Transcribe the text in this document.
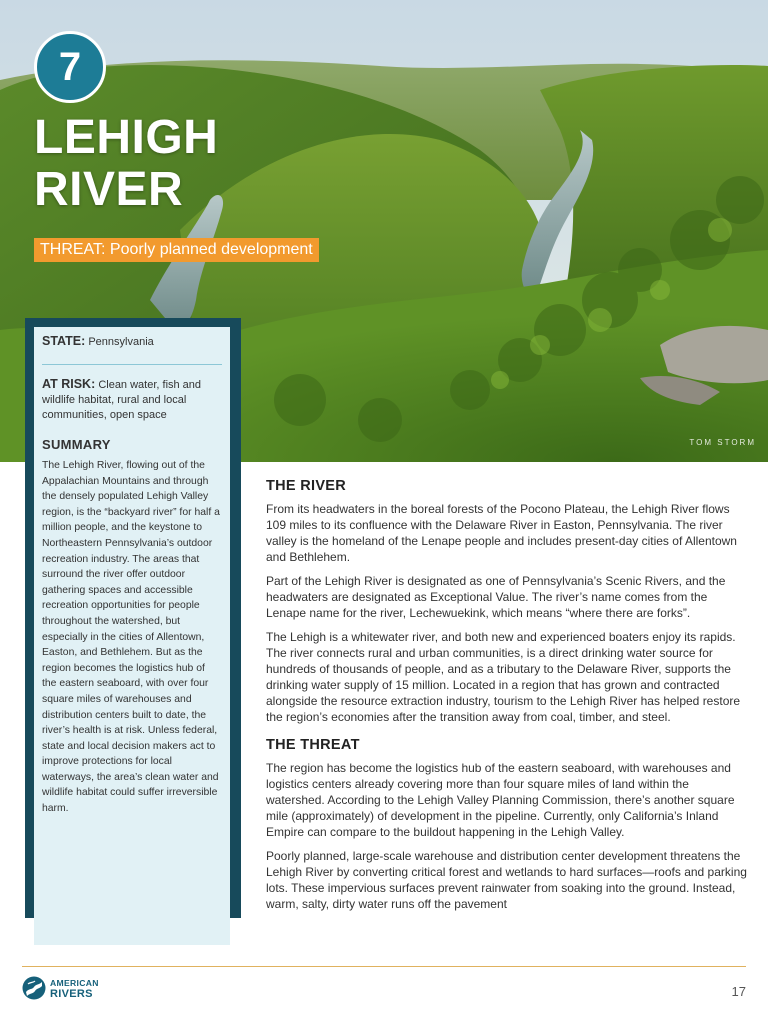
7
LEHIGH
RIVER
THREAT: Poorly planned development
TOM STORM
STATE: Pennsylvania
AT RISK: Clean water, fish and wildlife habitat, rural and local communities, open space
SUMMARY
The Lehigh River, flowing out of the Appalachian Mountains and through the densely populated Lehigh Valley region, is the “backyard river” for half a million people, and the keystone to Northeastern Pennsylvania’s outdoor recreation industry. The areas that surround the river offer outdoor gathering spaces and accessible recreation opportunities for people throughout the watershed, but especially in the cities of Allentown, Easton, and Bethlehem. But as the region becomes the logistics hub of the eastern seaboard, with over four square miles of warehouses and distribution centers built to date, the river’s health is at risk. Unless federal, state and local decision makers act to improve protections for local waterways, the area’s clean water and wildlife habitat could suffer irreversible harm.
THE RIVER

From its headwaters in the boreal forests of the Pocono Plateau, the Lehigh River flows 109 miles to its confluence with the Delaware River in Easton, Pennsylvania. The river valley is the homeland of the Lenape people and includes present-day cities of Allentown and Bethlehem.

Part of the Lehigh River is designated as one of Pennsylvania’s Scenic Rivers, and the headwaters are designated as Exceptional Value. The river’s name comes from the Lenape name for the river, Lechewuekink, which means “where there are forks”.

The Lehigh is a whitewater river, and both new and experienced boaters enjoy its rapids. The river connects rural and urban communities, is a direct drinking water source for hundreds of thousands of people, and as a tributary to the Delaware River, supports the drinking water supply of 15 million. Located in a region that has grown and contracted alongside the resource extraction industry, tourism to the Lehigh River has helped restore the region’s economies after the transition away from coal, timber, and steel.

THE THREAT

The region has become the logistics hub of the eastern seaboard, with warehouses and logistics centers already covering more than four square miles of land within the watershed. According to the Lehigh Valley Planning Commission, there’s another square mile (approximately) of development in the pipeline. Currently, only California’s Inland Empire can compare to the buildout happening in the Lehigh Valley.

Poorly planned, large-scale warehouse and distribution center development threatens the Lehigh River by converting critical forest and wetlands to hard surfaces—roofs and parking lots. These impervious surfaces prevent rainwater from soaking into the ground. Instead, warm, salty, dirty water runs off the pavement

AMERICAN
RIVERS	17
